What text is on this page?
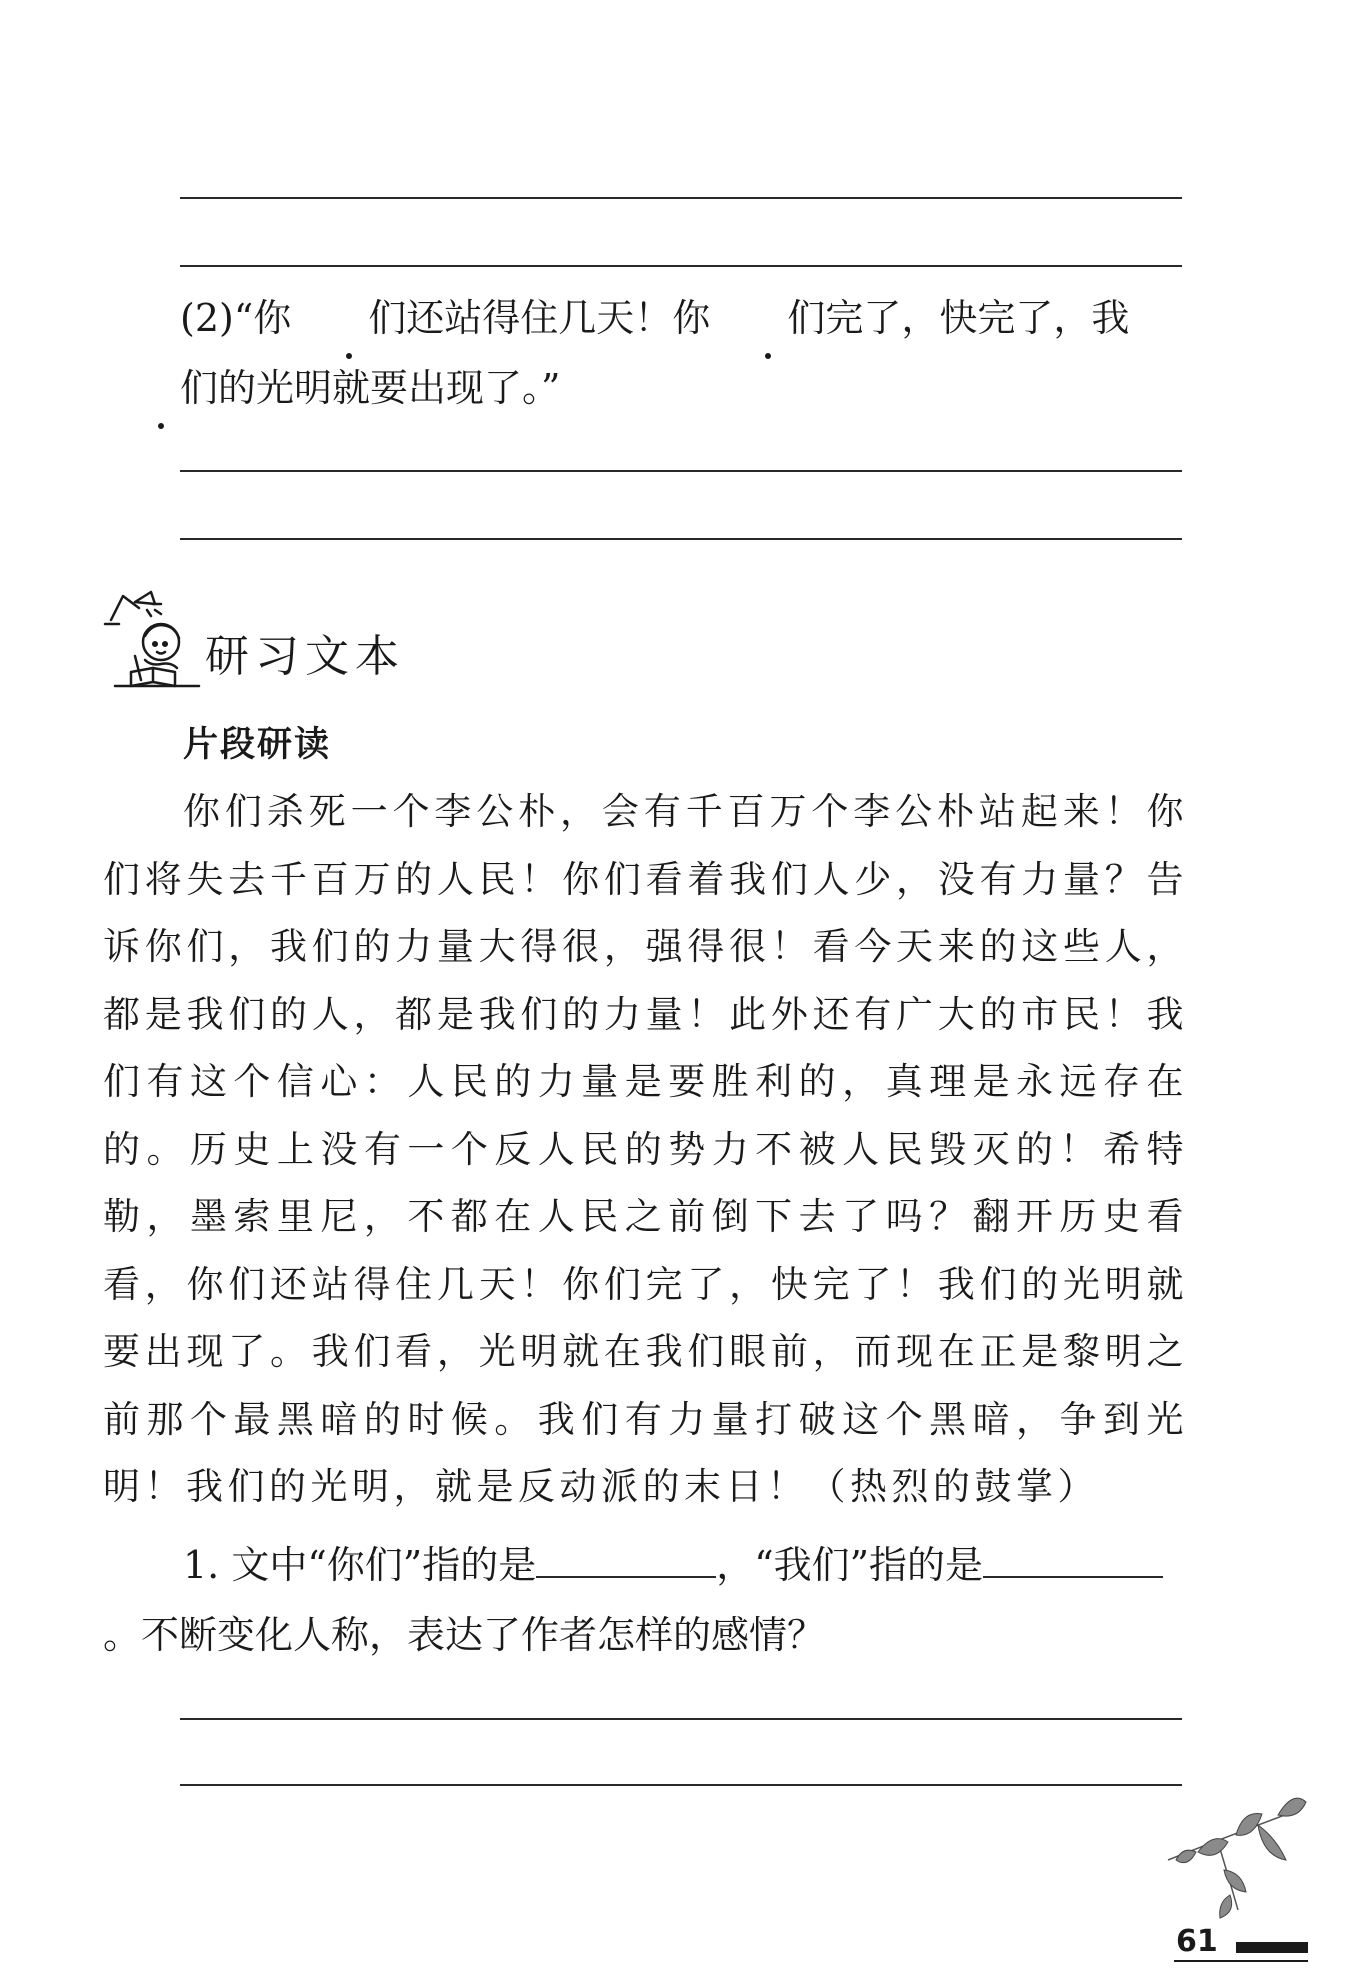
(2)“你 们还站得住几天！你 们完了，快完了，我们的光明就要出现了。”

研习文本
片段研读

你们杀死一个李公朴，会有千百万个李公朴站起来！你们将失去千百万的人民！你们看着我们人少，没有力量？告诉你们，我们的力量大得很，强得很！看今天来的这些人，都是我们的人，都是我们的力量！此外还有广大的市民！我们有这个信心：人民的力量是要胜利的，真理是永远存在的。历史上没有一个反人民的势力不被人民毁灭的！希特勒，墨索里尼，不都在人民之前倒下去了吗？翻开历史看看，你们还站得住几天！你们完了，快完了！我们的光明就要出现了。我们看，光明就在我们眼前，而现在正是黎明之前那个最黑暗的时候。我们有力量打破这个黑暗，争到光明！我们的光明，就是反动派的末日！（热烈的鼓掌）

1. 文中“你们”指的是	，“我们”指的是。不断变化人称，表达了作者怎样的感情？

61
